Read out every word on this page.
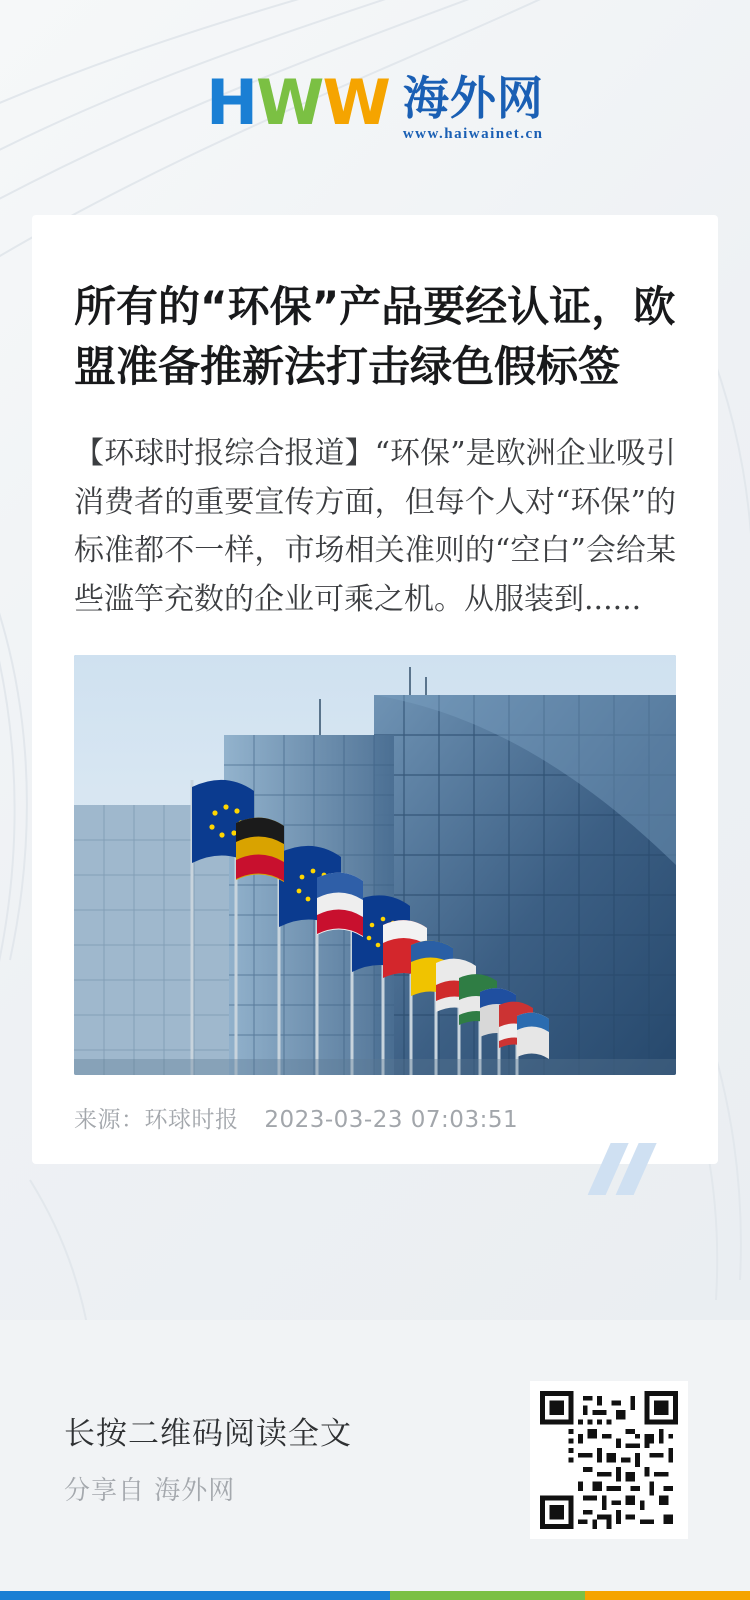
H W W 海外网
www.haiwainet.cn
所有的“环保”产品要经认证，欧盟准备推新法打击绿色假标签

【环球时报综合报道】“环保”是欧洲企业吸引消费者的重要宣传方面，但每个人对“环保”的标准都不一样，市场相关准则的“空白”会给某些滥竽充数的企业可乘之机。从服装到......

来源：环球时报 2023-03-23 07:03:51
长按二维码阅读全文
分享自 海外网
